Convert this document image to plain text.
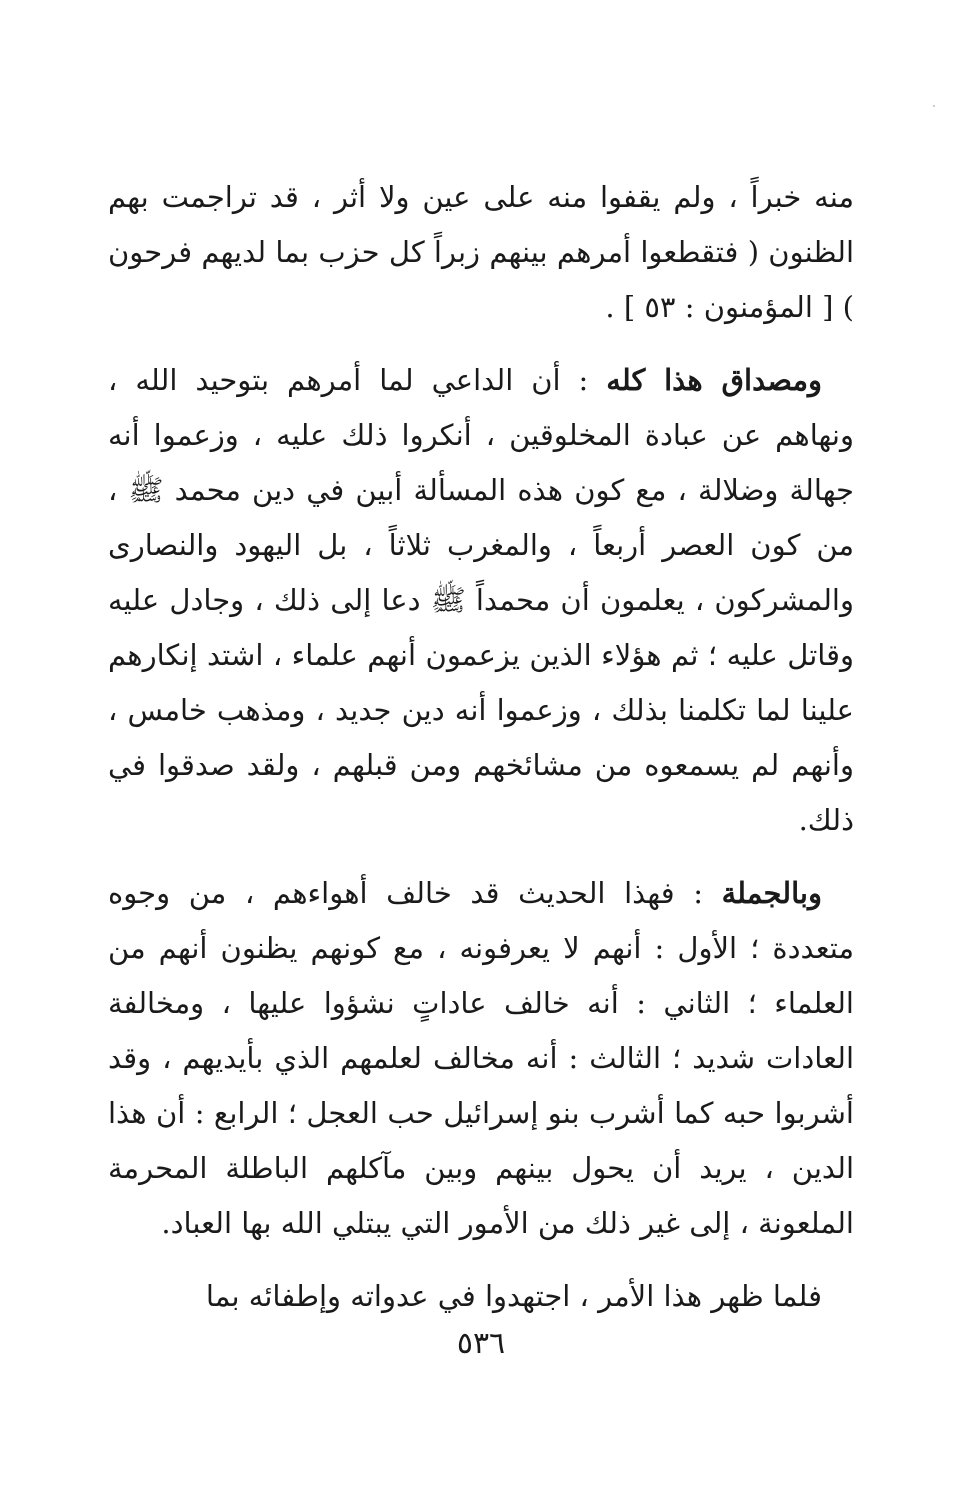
منه خبراً ، ولم يقفوا منه على عين ولا أثر ، قد تراجمت بهم الظنون ( فتقطعوا أمرهم بينهم زبراً كل حزب بما لديهم فرحون ) [ المؤمنون : ٥٣ ] .

ومصداق هذا كله : أن الداعي لما أمرهم بتوحيد الله ، ونهاهم عن عبادة المخلوقين ، أنكروا ذلك عليه ، وزعموا أنه جهالة وضلالة ، مع كون هذه المسألة أبين في دين محمد ﷺ ، من كون العصر أربعاً ، والمغرب ثلاثاً ، بل اليهود والنصارى والمشركون ، يعلمون أن محمداً ﷺ دعا إلى ذلك ، وجادل عليه وقاتل عليه ؛ ثم هؤلاء الذين يزعمون أنهم علماء ، اشتد إنكارهم علينا لما تكلمنا بذلك ، وزعموا أنه دين جديد ، ومذهب خامس ، وأنهم لم يسمعوه من مشائخهم ومن قبلهم ، ولقد صدقوا في ذلك.

وبالجملة : فهذا الحديث قد خالف أهواءهم ، من وجوه متعددة ؛ الأول : أنهم لا يعرفونه ، مع كونهم يظنون أنهم من العلماء ؛ الثاني : أنه خالف عاداتٍ نشؤوا عليها ، ومخالفة العادات شديد ؛ الثالث : أنه مخالف لعلمهم الذي بأيديهم ، وقد أشربوا حبه كما أشرب بنو إسرائيل حب العجل ؛ الرابع : أن هذا الدين ، يريد أن يحول بينهم وبين مآكلهم الباطلة المحرمة الملعونة ، إلى غير ذلك من الأمور التي يبتلي الله بها العباد.

فلما ظهر هذا الأمر ، اجتهدوا في عدواته وإطفائه بما

٥٣٦
